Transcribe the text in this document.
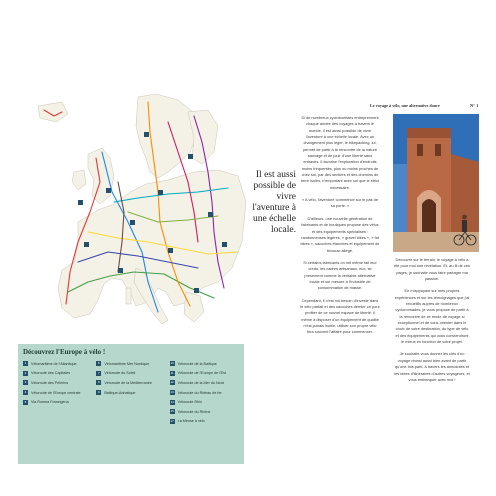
Découvrez l'Europe à vélo !
1	Vélomaritime de l'Atlantique
2	Véloroute des Capitales
3	Véloroute des Pèlerins
4	Véloroute de l'Europe centrale
5	Via Romea Francigena
6	Vélomaritime Mer Nordique
7	Véloroute du Soleil
8	Véloroute de la Méditerranée
9	Baltique-Adriatique
10 Véloroute de la Baltique
11 Véloroute de l'Europe de l'Est
12 Véloroute de la Mer du Nord
13 Véloroute du Rideau de fer
14 Véloroute Rhin
15 Véloroute du Rhône
17 La Meuse à vélo
Il est aussi possible de vivre l'aventure à une échelle locale.
Le voyage à vélo, une alternative douce	N° 1

Si de nombreux cyclotouristes entreprennent chaque année des voyages à travers le monde, il est aussi possible de vivre l'aventure à une échelle locale. Avec un changement plus léger, le bikepacking, lui, permet de partir à la rencontre de la nature sauvage et de jouir d'une liberté sans entraves. Il favorise l'exploration d'endroits moins fréquentés, plus ou moins proches de chez soi, par des sentiers et des chemins de terre isolés, n'emportant avec soi que le strict nécessaire.

« A vélo, l'aventure commence sur le pas de sa porte. »

D'ailleurs, une nouvelle génération de fabricants et de boutiques propose des vélos et des équipements spécialisés : randonneuses légères, « gravel bikes », « fat bikes », sacoches étanches et équipement de bivouac allégé.

Si certains fabricants on mit même fait leur credo, les cadres artisanaux, eux, se présentent comme la véritable alternative locale et sur mesure à l'industrie de consommation de masse.

Cependant, il n'est nul besoin d'investir dans le vélo parfait et des sacoches dernier cri pour profiter de ce nouvel espace de liberté. Il même à disposer d'un équipement de qualité n'est jamais inutile, utiliser son propre vélo fera souvent l'affaire pour commencer.

Découvrir sur le terrain, le voyage à vélo a été pour moi une révélation. Et, au fil de ces pages, je souhaite vous faire partager ma passion.

En m'appuyant sur mes propres expériences et sur les témoignages que j'ai recueillis auprès de nombreux cyclonomades, je vous propose de partir à la rencontre de ce mode de voyage si exceptionnel et de vous orienter dans le choix de votre destination, du type de vélo et des équipements qui vous conviendront le mieux en fonction de votre projet.

Je souhaite vous donner les clés d'un voyage réussi aussi bien avant de partir qu'une fois parti, à travers les anecdotes et les idées d'itinéraires d'autres voyageurs, et vous embarquer avec moi !
